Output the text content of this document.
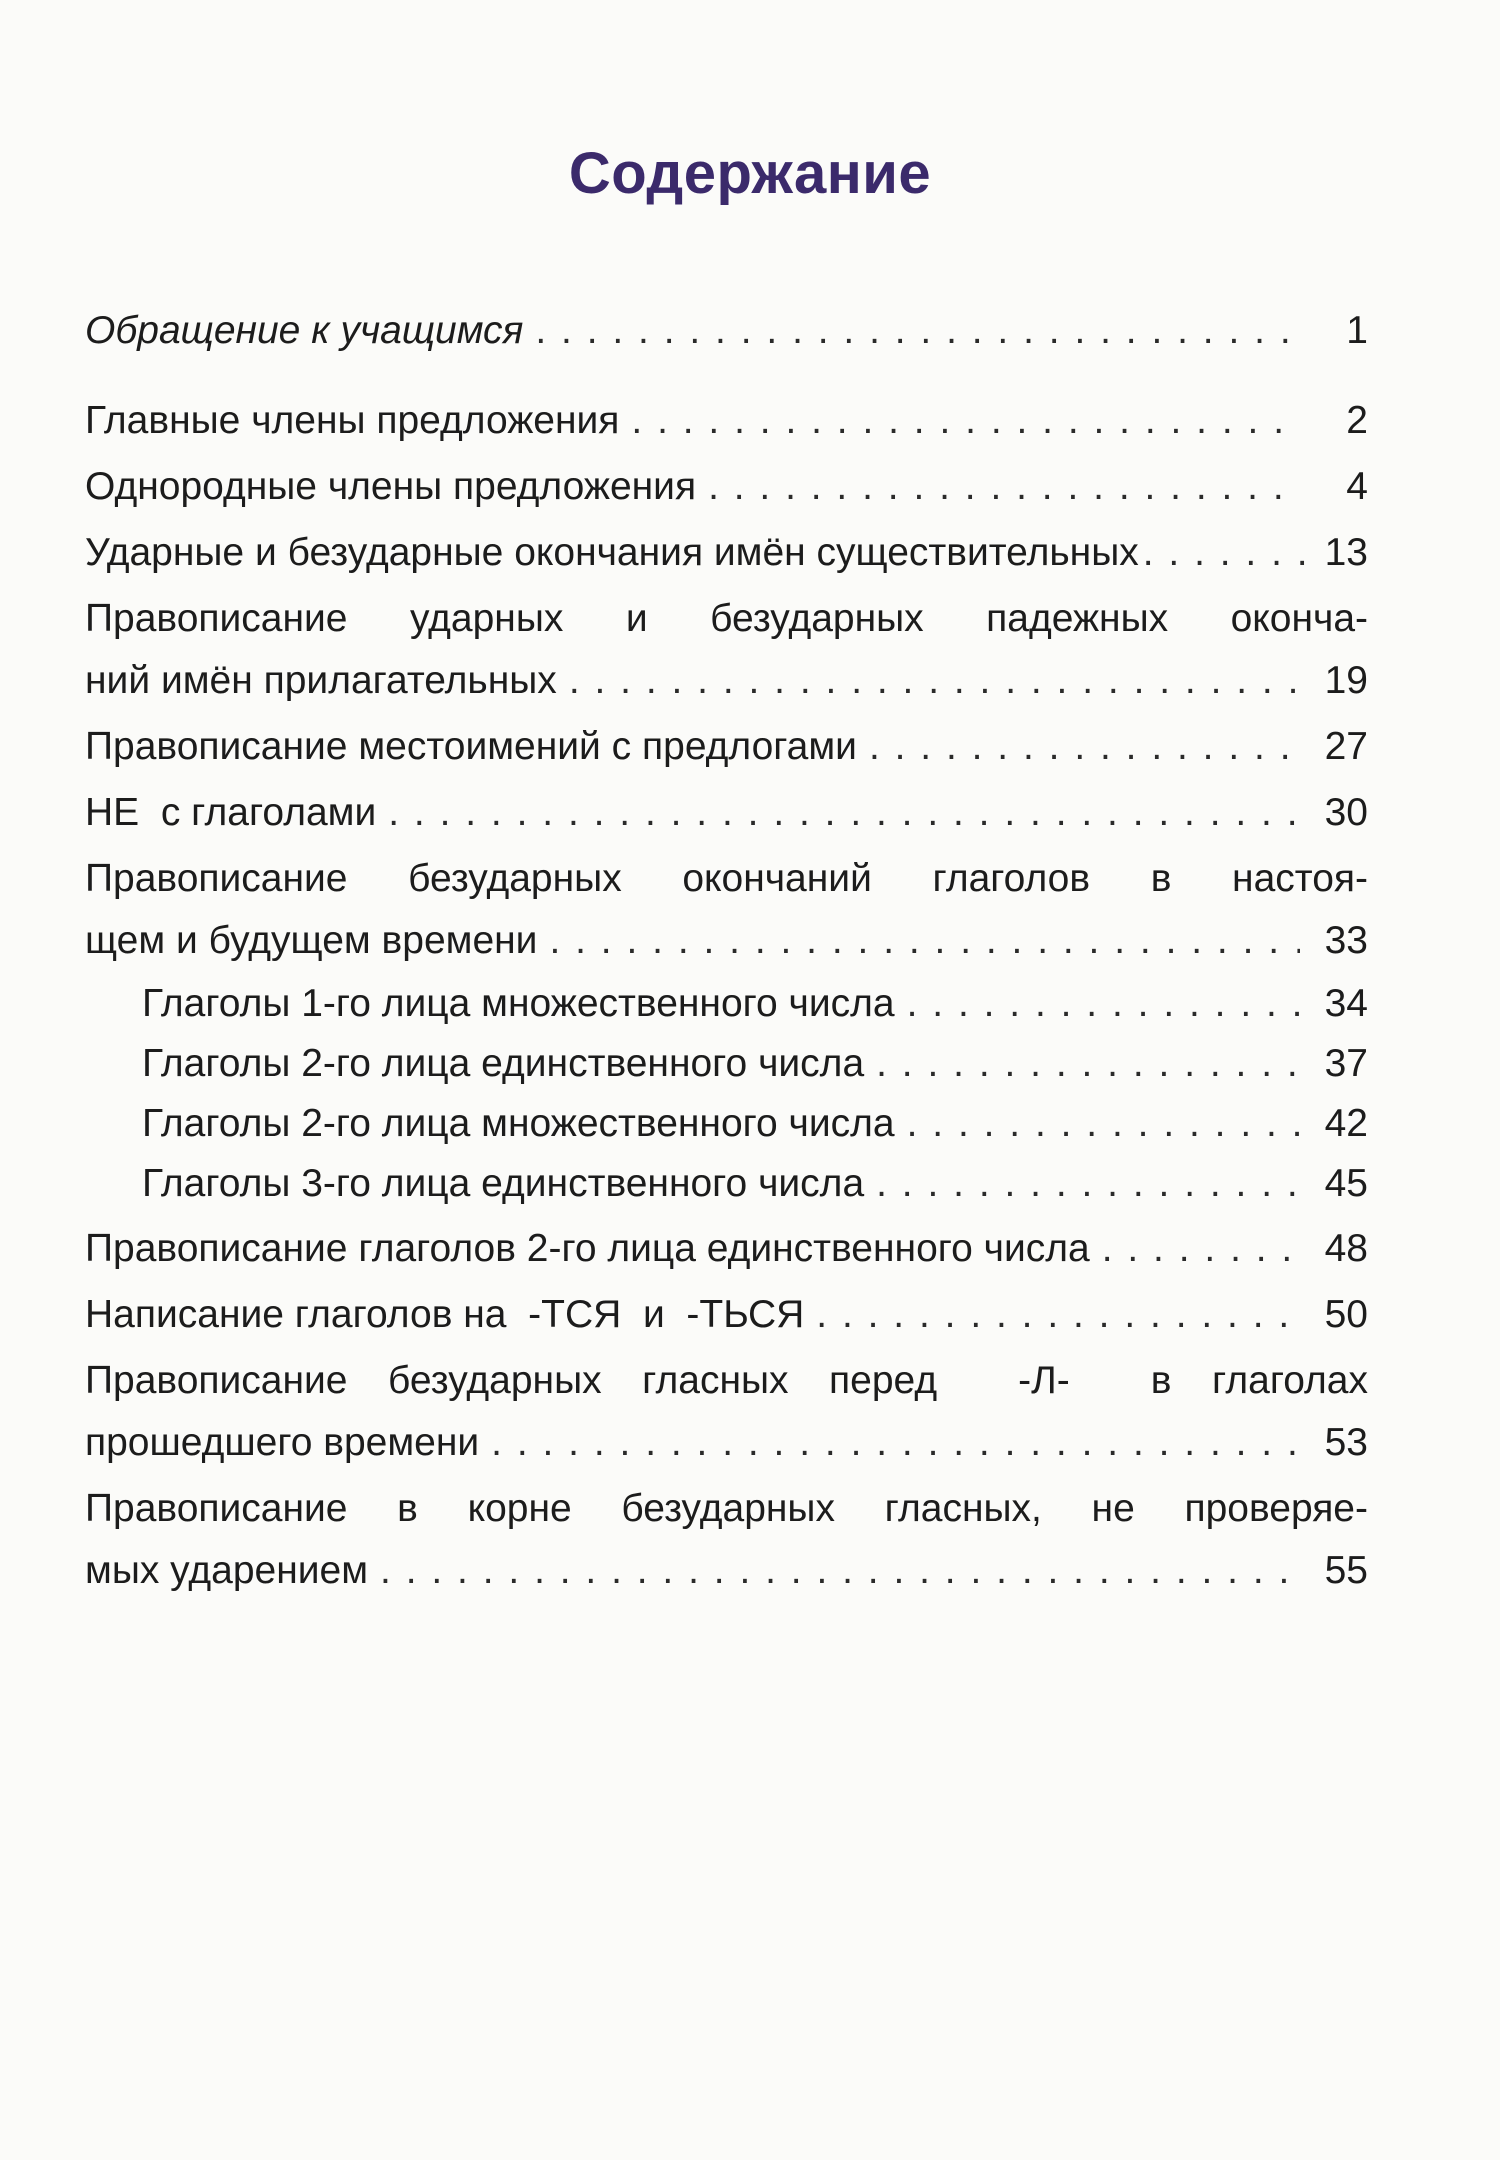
Содержание
Обращение к учащимся . . .	1
Главные члены предложения . . .	2
Однородные члены предложения . . .	4
Ударные и безударные окончания имён существительных . . .	13
Правописание ударных и безударных падежных оконча-
ний имён прилагательных . . .	19
Правописание местоимений с предлогами . . .	27
НЕ  с глаголами . . .	30
Правописание безударных окончаний глаголов в настоя-
щем и будущем времени . . .	33
Глаголы 1-го лица множественного числа . . .	34
Глаголы 2-го лица единственного числа . . .	37
Глаголы 2-го лица множественного числа . . .	42
Глаголы 3-го лица единственного числа . . .	45
Правописание глаголов 2-го лица единственного числа . . .	48
Написание глаголов на  -ТСЯ  и  -ТЬСЯ . . .	50
Правописание безударных гласных перед  -Л-  в глаголах
прошедшего времени . . .	53
Правописание в корне безударных гласных, не проверяе-
мых ударением . . .	55
